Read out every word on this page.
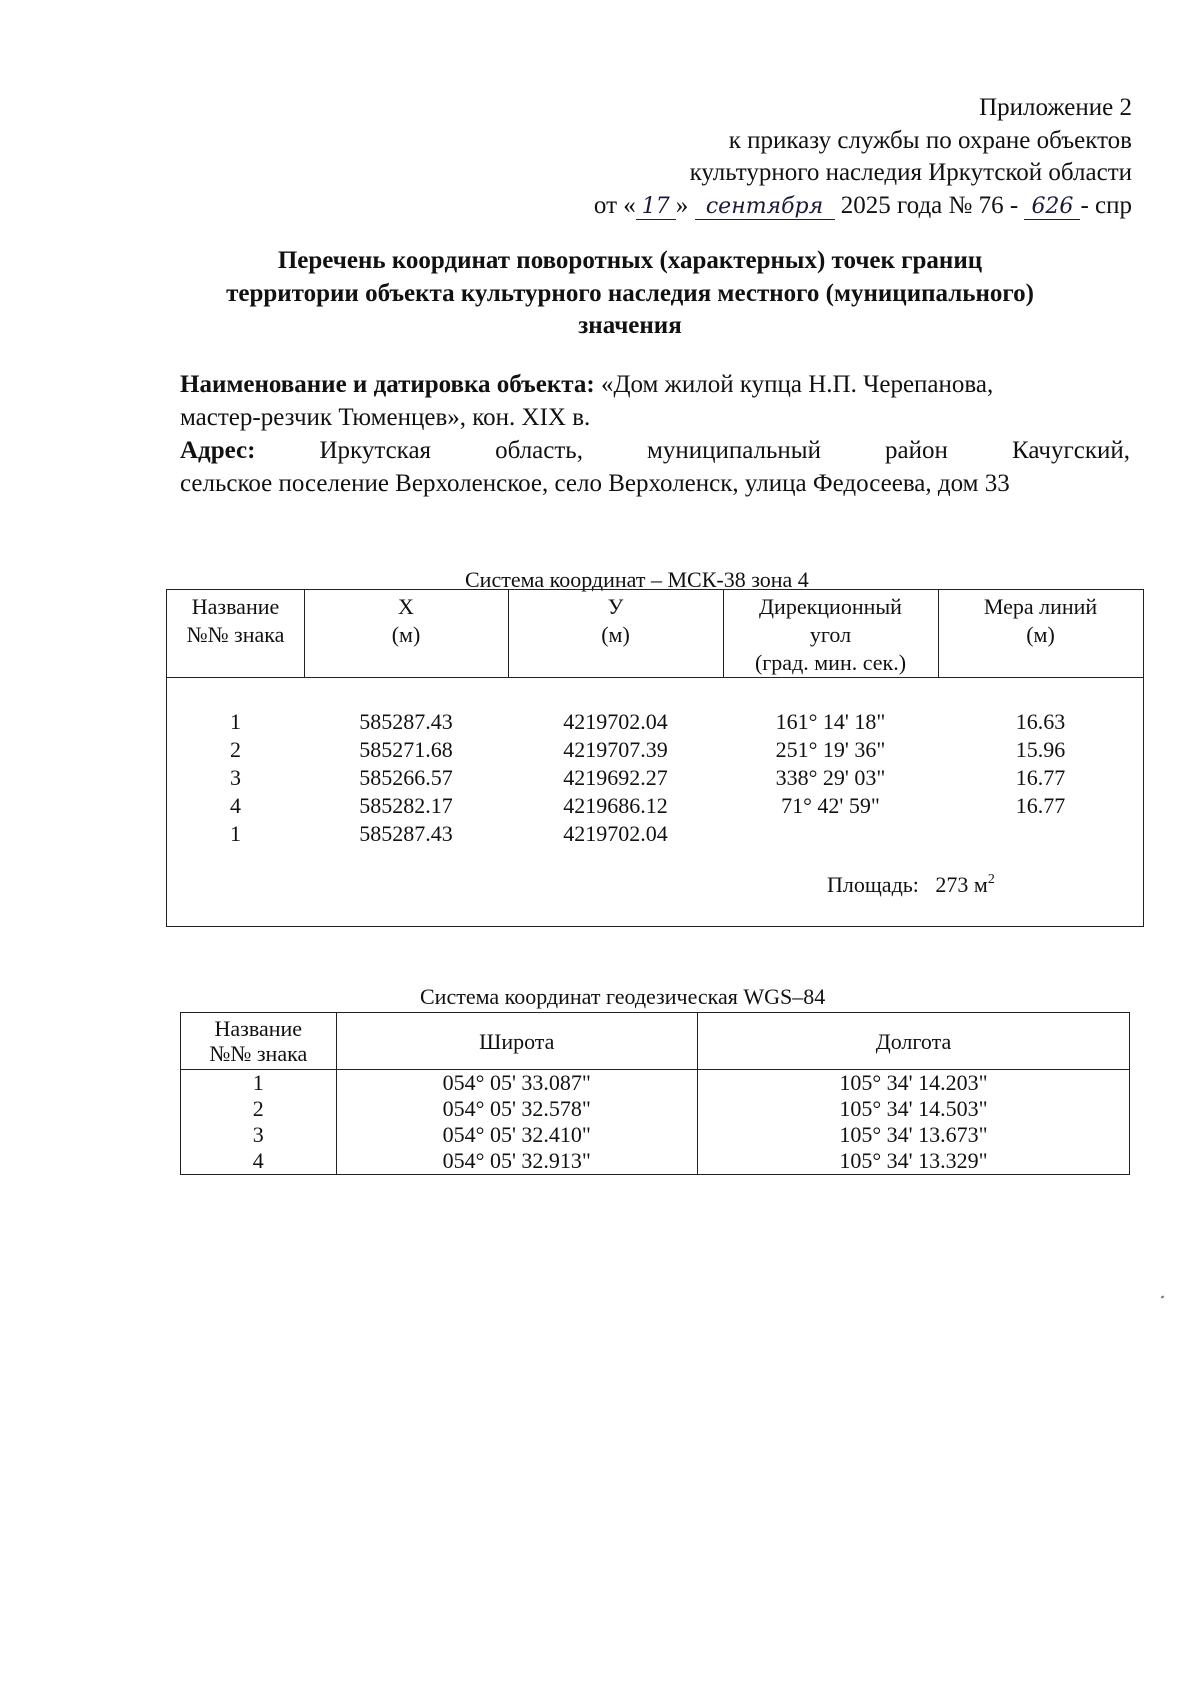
Приложение 2
к приказу службы по охране объектов
культурного наследия Иркутской области
от « 17 » сентября 2025 года № 76 - 626 - спр
Перечень координат поворотных (характерных) точек границ
территории объекта культурного наследия местного (муниципального)
значения

Наименование и датировка объекта: «Дом жилой купца Н.П. Черепанова,
мастер-резчик Тюменцев», кон. XIX в.

Адрес:	Иркутская	область,	муниципальный	район	Качугский,
сельское поселение Верхоленское, село Верхоленск, улица Федосеева, дом 33

Система координат – МСК-38 зона 4
Название
№№ знака
X
(м)
У
(м)
Дирекционный
угол
(град. мин. сек.)
Мера линий
(м)
1	585287.43	4219702.04	161° 14' 18"	16.63
2	585271.68	4219707.39	251° 19' 36"	15.96
3	585266.57	4219692.27	338° 29' 03"	16.77
4	585282.17	4219686.12	71° 42' 59"	16.77
1	585287.43	4219702.04
Площадь: 273 $м^2$
Система координат геодезическая WGS–84
Название
№№ знака	Широта	Долгота
1	054° 05' 33.087"	105° 34' 14.203"
2	054° 05' 32.578"	105° 34' 14.503"
3	054° 05' 32.410"	105° 34' 13.673"
4	054° 05' 32.913"	105° 34' 13.329"
